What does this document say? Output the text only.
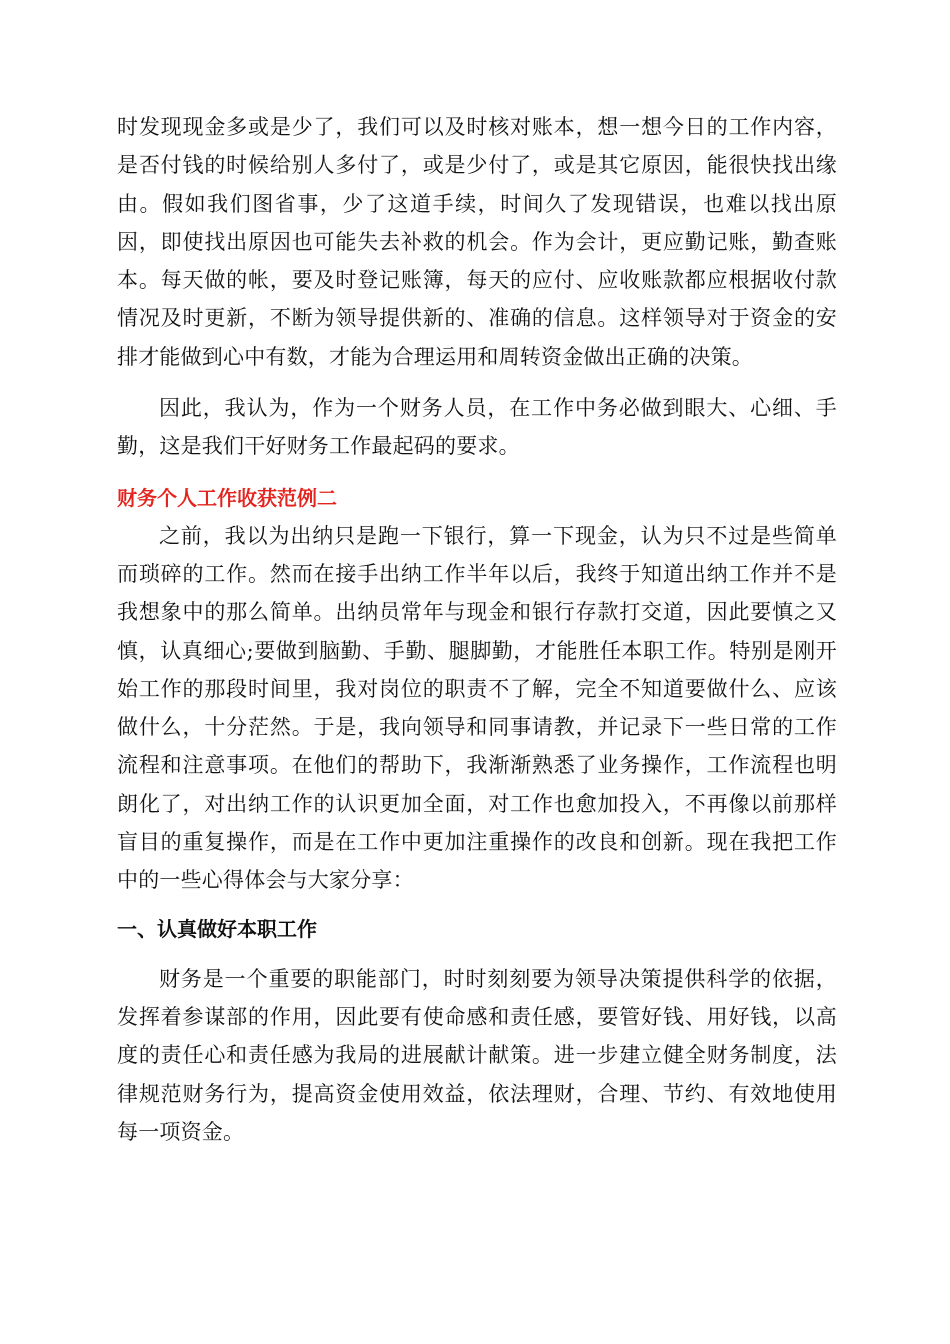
时发现现金多或是少了，我们可以及时核对账本，想一想今日的工作内容，是否付钱的时候给别人多付了，或是少付了，或是其它原因，能很快找出缘由。假如我们图省事，少了这道手续，时间久了发现错误，也难以找出原因，即使找出原因也可能失去补救的机会。作为会计，更应勤记账，勤查账本。每天做的帐，要及时登记账簿，每天的应付、应收账款都应根据收付款情况及时更新，不断为领导提供新的、准确的信息。这样领导对于资金的安排才能做到心中有数，才能为合理运用和周转资金做出正确的决策。

因此，我认为，作为一个财务人员，在工作中务必做到眼大、心细、手勤，这是我们干好财务工作最起码的要求。

财务个人工作收获范例二

之前，我以为出纳只是跑一下银行，算一下现金，认为只不过是些简单而琐碎的工作。然而在接手出纳工作半年以后，我终于知道出纳工作并不是我想象中的那么简单。出纳员常年与现金和银行存款打交道，因此要慎之又慎，认真细心;要做到脑勤、手勤、腿脚勤，才能胜任本职工作。特别是刚开始工作的那段时间里，我对岗位的职责不了解，完全不知道要做什么、应该做什么，十分茫然。于是，我向领导和同事请教，并记录下一些日常的工作流程和注意事项。在他们的帮助下，我渐渐熟悉了业务操作，工作流程也明朗化了，对出纳工作的认识更加全面，对工作也愈加投入，不再像以前那样盲目的重复操作，而是在工作中更加注重操作的改良和创新。现在我把工作中的一些心得体会与大家分享：

一、认真做好本职工作

财务是一个重要的职能部门，时时刻刻要为领导决策提供科学的依据，发挥着参谋部的作用，因此要有使命感和责任感，要管好钱、用好钱，以高度的责任心和责任感为我局的进展献计献策。进一步建立健全财务制度，法律规范财务行为，提高资金使用效益，依法理财，合理、节约、有效地使用每一项资金。
